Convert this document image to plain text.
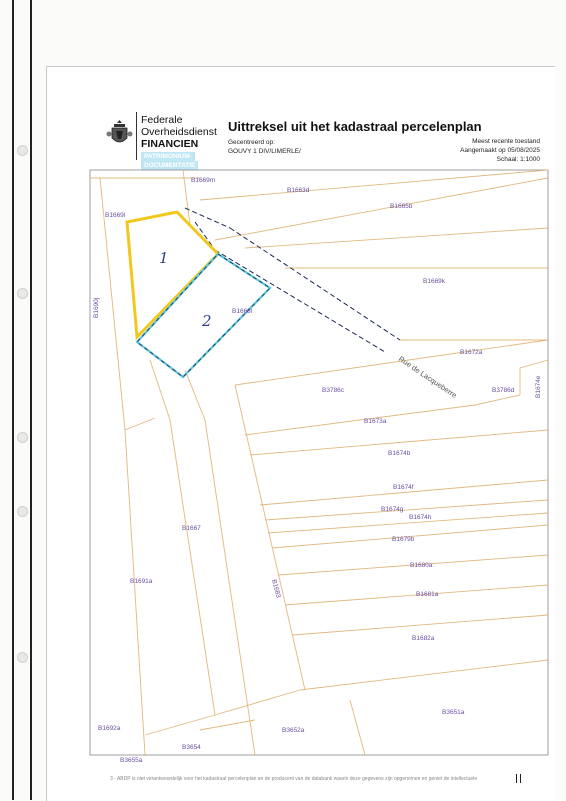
Federale
Overheidsdienst
FINANCIEN
PATRIMONIUM-
DOCUMENTATIE
Uittreksel uit het kadastraal percelenplan
Gecentreerd op:
GOUVY 1 DIV/LIMERLE/
Meest recente toestand
Aangemaakt op 05/08/2025
Schaal: 1:1000
1
2
B1669m
B1663d
B1665b
B1669l
B1669k
B1690j	B1668l
B1672a
B3786c	B3786d	B1674e
B1673a
B1674b
B1674f
B1674g
B1674h
B1679b
B1680a
B1681a
B1667
B1691a	B1683
B1682a
B1692a	B3652a
B3651a
B3654
B3655a
Rue de Lacqueberre
3 - ABDP is niet verantwoordelijk voor het kadastraal percelenplan en de producent van de databank waarin deze gegevens zijn opgenomen en geniet de intellectuele
